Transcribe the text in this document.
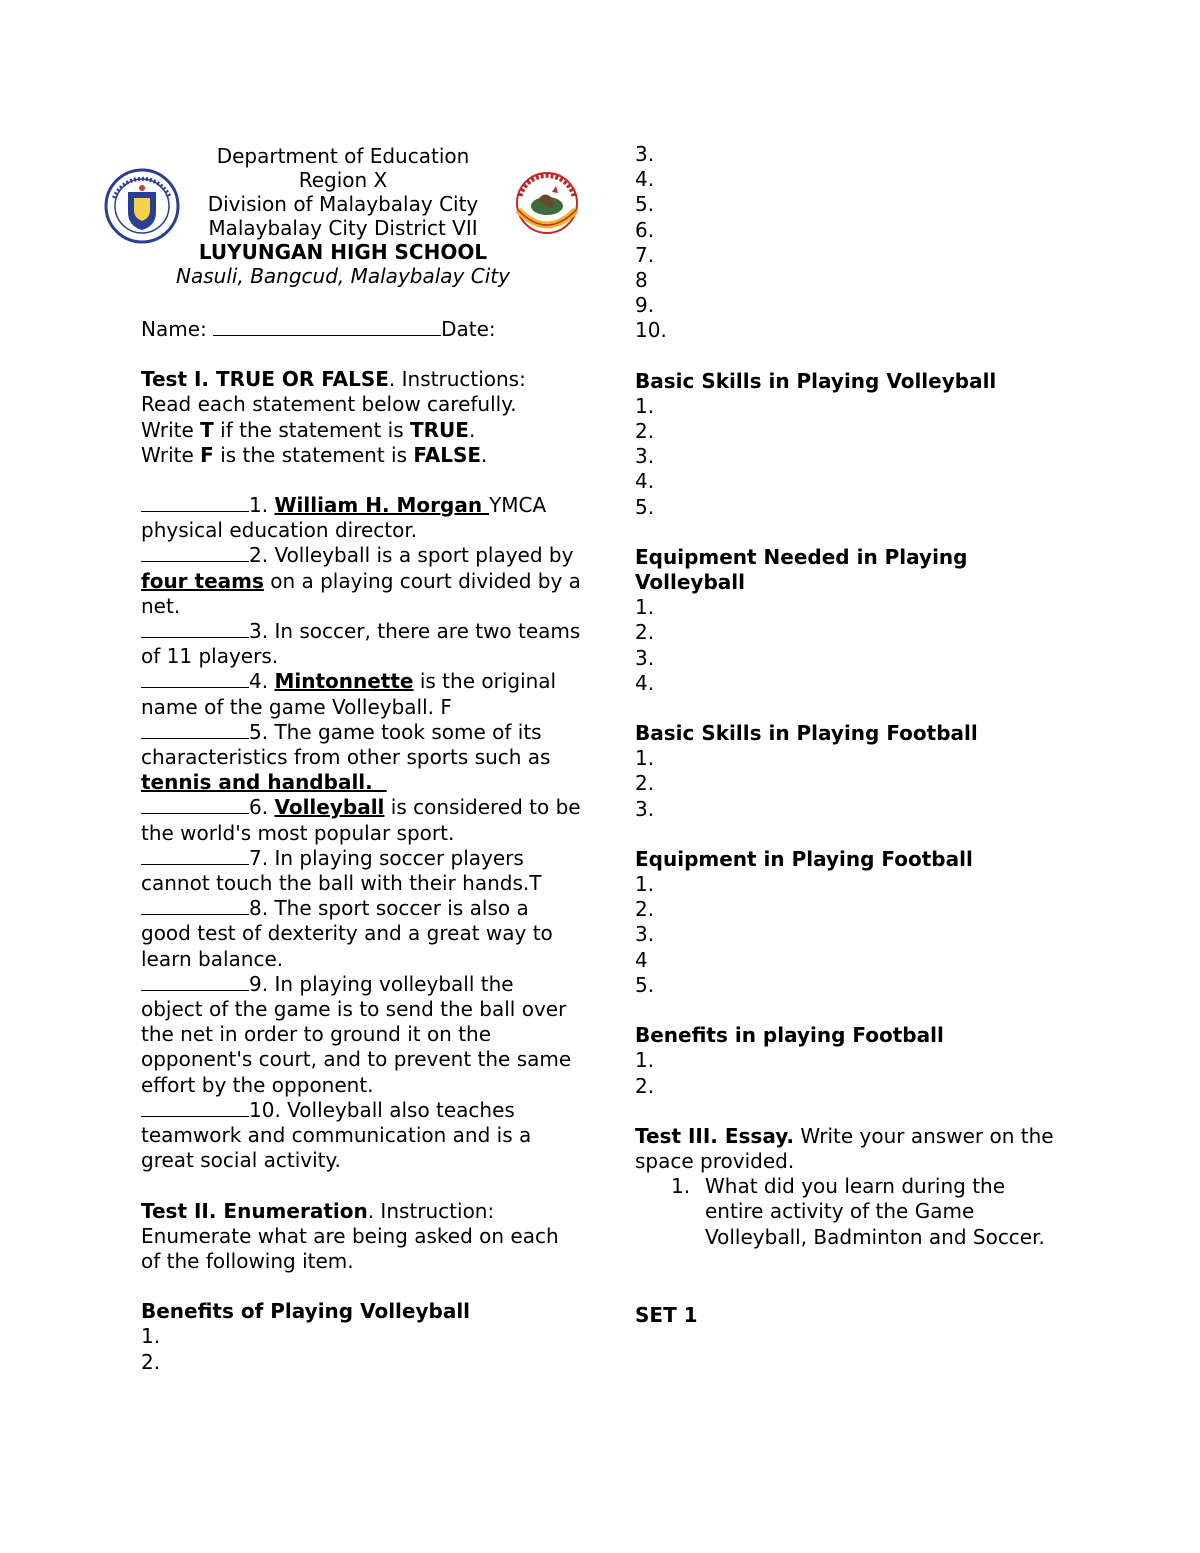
Department of Education
Region X
Division of Malaybalay City
Malaybalay City District VII
LUYUNGAN HIGH SCHOOL
Nasuli, Bangcud, Malaybalay City
Name:	Date:
Test I. TRUE OR FALSE. Instructions: Read each statement below carefully.
Write T if the statement is TRUE.
Write F is the statement is FALSE.
1. William H. Morgan YMCA physical education director.
2. Volleyball is a sport played by four teams on a playing court divided by a net.
3. In soccer, there are two teams of 11 players.
4. Mintonnette is the original name of the game Volleyball. F
5. The game took some of its characteristics from other sports such as tennis and handball.
6. Volleyball is considered to be the world's most popular sport.
7. In playing soccer players cannot touch the ball with their hands.T
8. The sport soccer is also a good test of dexterity and a great way to learn balance.
9. In playing volleyball the object of the game is to send the ball over the net in order to ground it on the opponent's court, and to prevent the same effort by the opponent.
10. Volleyball also teaches teamwork and communication and is a great social activity.
Test II. Enumeration. Instruction: Enumerate what are being asked on each of the following item.
Benefits of Playing Volleyball
1.
2.
3.
4.
5.
6.
7.
8
9.
10.
Basic Skills in Playing Volleyball
1.
2.
3.
4.
5.
Equipment Needed in Playing Volleyball
1.
2.
3.
4.
Basic Skills in Playing Football
1.
2.
3.
Equipment in Playing Football
1.
2.
3.
4
5.
Benefits in playing Football
1.
2.
Test III. Essay. Write your answer on the space provided.
1. What did you learn during the entire activity of the Game Volleyball, Badminton and Soccer.
SET 1
